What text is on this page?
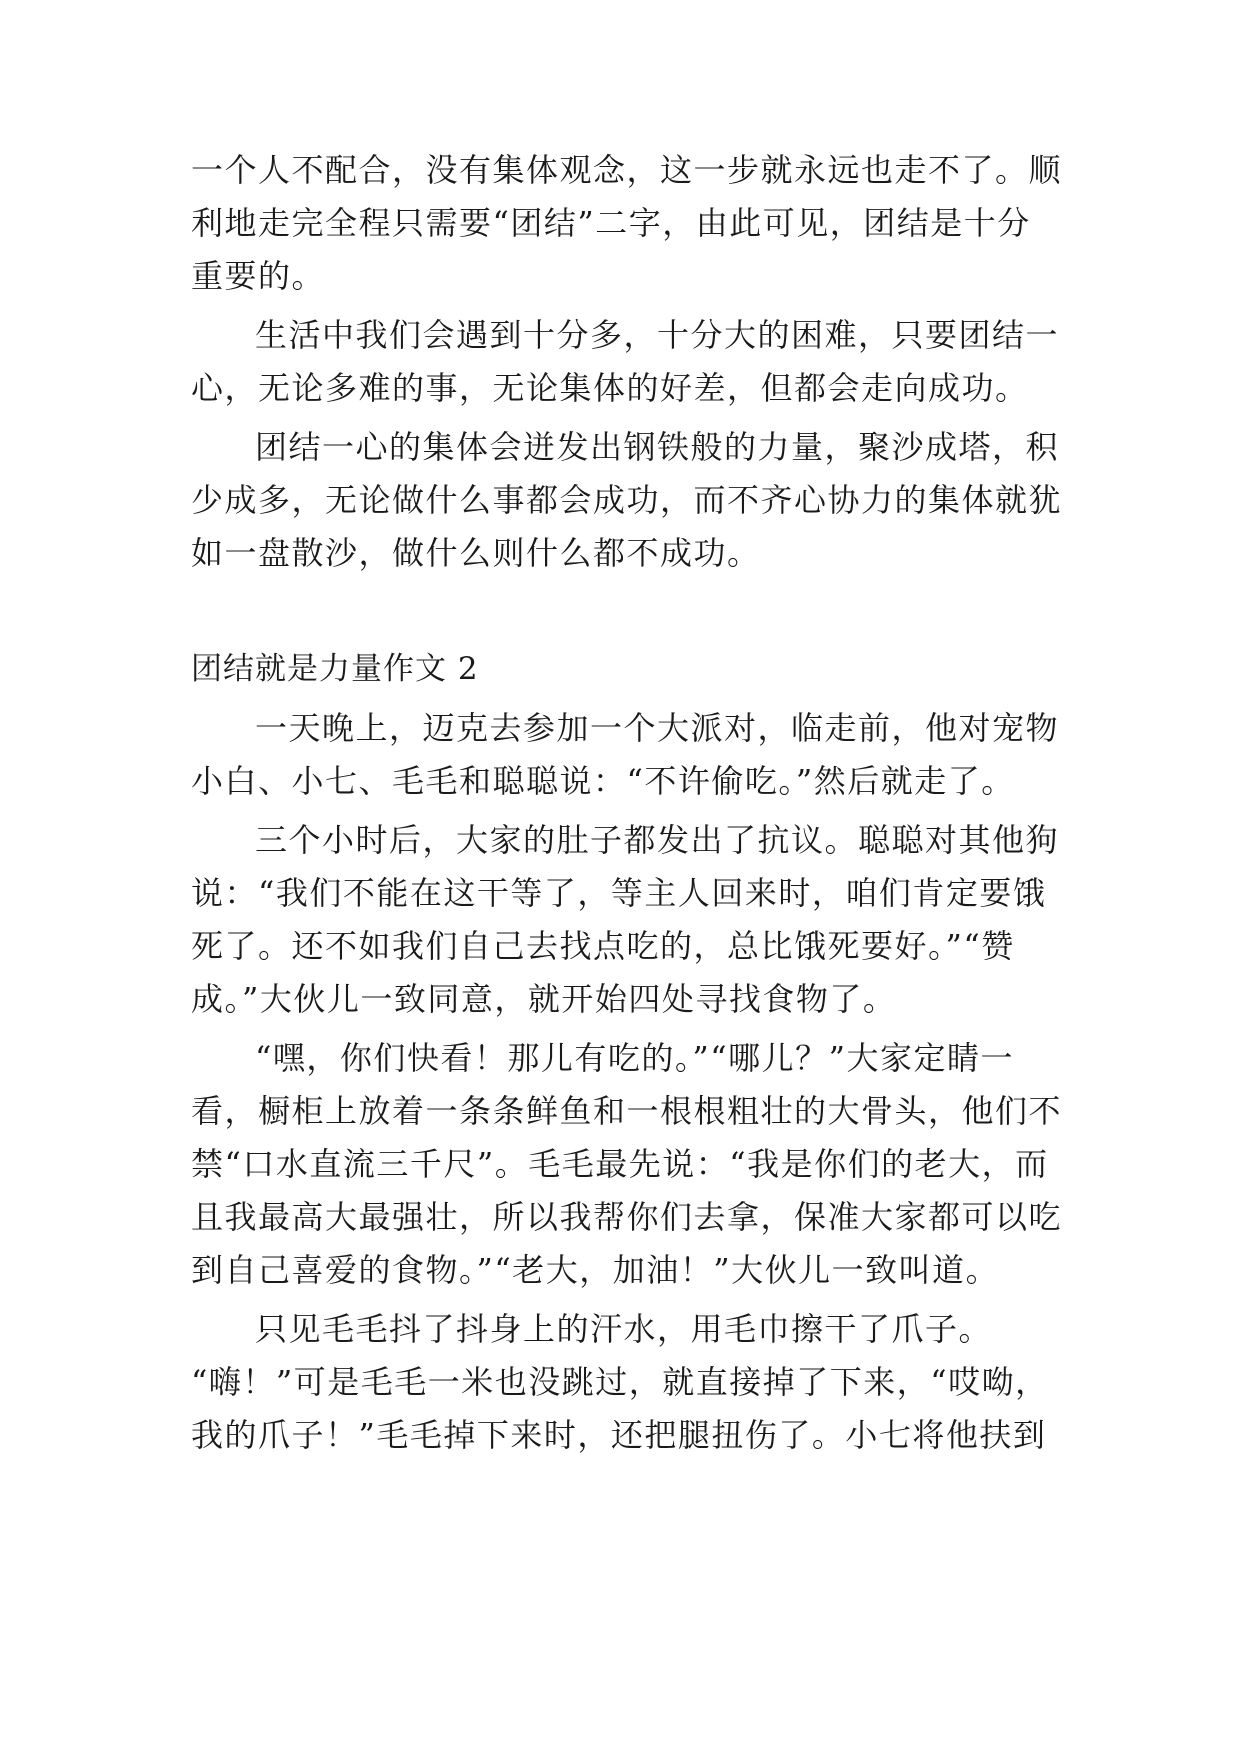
一个人不配合，没有集体观念，这一步就永远也走不了。顺
利地走完全程只需要“团结”二字，由此可见，团结是十分
重要的。
生活中我们会遇到十分多，十分大的困难，只要团结一
心，无论多难的事，无论集体的好差，但都会走向成功。
团结一心的集体会迸发出钢铁般的力量，聚沙成塔，积
少成多，无论做什么事都会成功，而不齐心协力的集体就犹
如一盘散沙，做什么则什么都不成功。
团结就是力量作文 2
一天晚上，迈克去参加一个大派对，临走前，他对宠物
小白、小七、毛毛和聪聪说：“不许偷吃。”然后就走了。
三个小时后，大家的肚子都发出了抗议。聪聪对其他狗
说：“我们不能在这干等了，等主人回来时，咱们肯定要饿
死了。还不如我们自己去找点吃的，总比饿死要好。”“赞
成。”大伙儿一致同意，就开始四处寻找食物了。
“嘿，你们快看！那儿有吃的。”“哪儿？”大家定睛一
看，橱柜上放着一条条鲜鱼和一根根粗壮的大骨头，他们不
禁“口水直流三千尺”。毛毛最先说：“我是你们的老大，而
且我最高大最强壮，所以我帮你们去拿，保准大家都可以吃
到自己喜爱的食物。”“老大，加油！”大伙儿一致叫道。
只见毛毛抖了抖身上的汗水，用毛巾擦干了爪子。
“嗨！”可是毛毛一米也没跳过，就直接掉了下来，“哎呦，
我的爪子！”毛毛掉下来时，还把腿扭伤了。小七将他扶到
